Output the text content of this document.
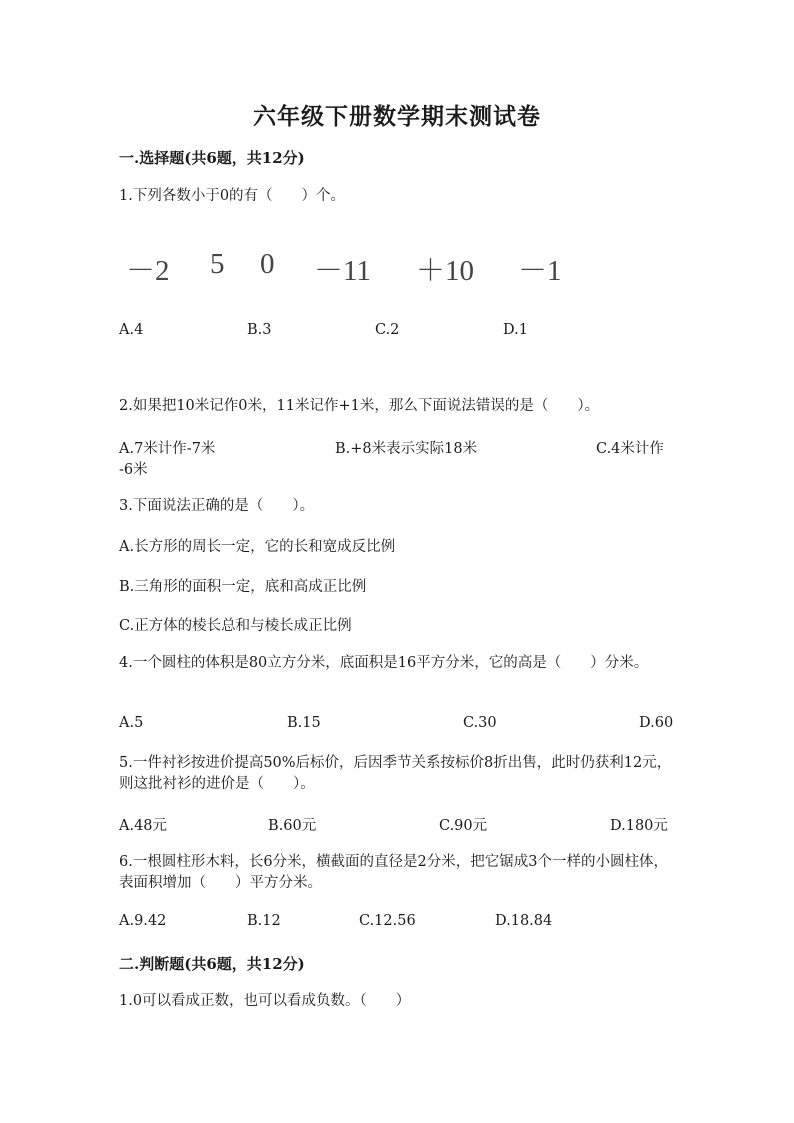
六年级下册数学期末测试卷
一.选择题(共6题，共12分)
1.下列各数小于0的有（　　）个。
－2 5 0 －11 ＋10 －1
A.4	B.3	C.2	D.1
2.如果把10米记作0米，11米记作+1米，那么下面说法错误的是（　　）。
A.7米计作-7米	B.+8米表示实际18米	C.4米计作
-6米
3.下面说法正确的是（　　）。
A.长方形的周长一定，它的长和宽成反比例
B.三角形的面积一定，底和高成正比例
C.正方体的棱长总和与棱长成正比例
4.一个圆柱的体积是80立方分米，底面积是16平方分米，它的高是（　　）分米。
A.5	B.15	C.30	D.60
5.一件衬衫按进价提高50%后标价，后因季节关系按标价8折出售，此时仍获利12元，则这批衬衫的进价是（　　）。
A.48元	B.60元	C.90元	D.180元
6.一根圆柱形木料，长6分米，横截面的直径是2分米，把它锯成3个一样的小圆柱体，表面积增加（　　）平方分米。
A.9.42	B.12	C.12.56	D.18.84
二.判断题(共6题，共12分)
1.0可以看成正数，也可以看成负数。（　　）
